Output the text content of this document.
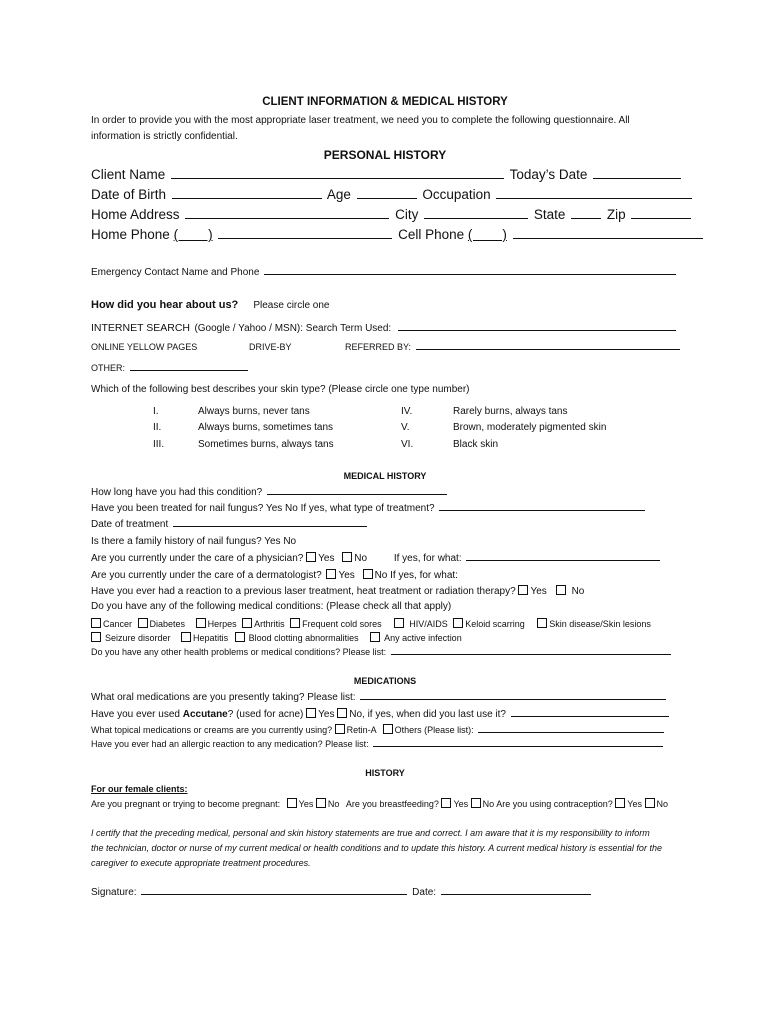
CLIENT INFORMATION & MEDICAL HISTORY
In order to provide you with the most appropriate laser treatment, we need you to complete the following questionnaire. All
information is strictly confidential.
PERSONAL HISTORY
Client Name	Today’s Date
Date of Birth	Age	Occupation
Home Address	City	State	Zip
Home Phone (        )	Cell Phone (        )
Emergency Contact Name and Phone
How did you hear about us? Please circle one
INTERNET SEARCH (Google / Yahoo / MSN): Search Term Used:
ONLINE YELLOW PAGES	DRIVE-BY	REFERRED BY:
OTHER:
Which of the following best describes your skin type? (Please circle one type number)
I.	Always burns, never tans
II.	Always burns, sometimes tans
III.	Sometimes burns, always tans
IV.	Rarely burns, always tans
V.	Brown, moderately pigmented skin
VI.	Black skin
MEDICAL HISTORY
How long have you had this condition?
Have you been treated for nail fungus? Yes No If yes, what type of treatment?
Date of treatment
Is there a family history of nail fungus? Yes No
Are you currently under the care of a physician? Yes No	If yes, for what:
Are you currently under the care of a dermatologist? Yes No If yes, for what:
Have you ever had a reaction to a previous laser treatment, heat treatment or radiation therapy? Yes No
Do you have any of the following medical conditions: (Please check all that apply)
Cancer Diabetes	Herpes Arthritis Frequent cold sores	HIV/AIDS Keloid scarring	Skin disease/Skin lesions
Seizure disorder	Hepatitis Blood clotting abnormalities	Any active infection
Do you have any other health problems or medical conditions? Please list:
MEDICATIONS
What oral medications are you presently taking? Please list:
Have you ever used Accutane? (used for acne) Yes No, if yes, when did you last use it?
What topical medications or creams are you currently using? Retin-A Others (Please list):
Have you ever had an allergic reaction to any medication? Please list:
HISTORY
For our female clients:
Are you pregnant or trying to become pregnant: Yes No Are you breastfeeding? Yes No Are you using contraception? Yes No
I certify that the preceding medical, personal and skin history statements are true and correct. I am aware that it is my responsibility to inform
the technician, doctor or nurse of my current medical or health conditions and to update this history. A current medical history is essential for the
caregiver to execute appropriate treatment procedures.
Signature:	Date:
